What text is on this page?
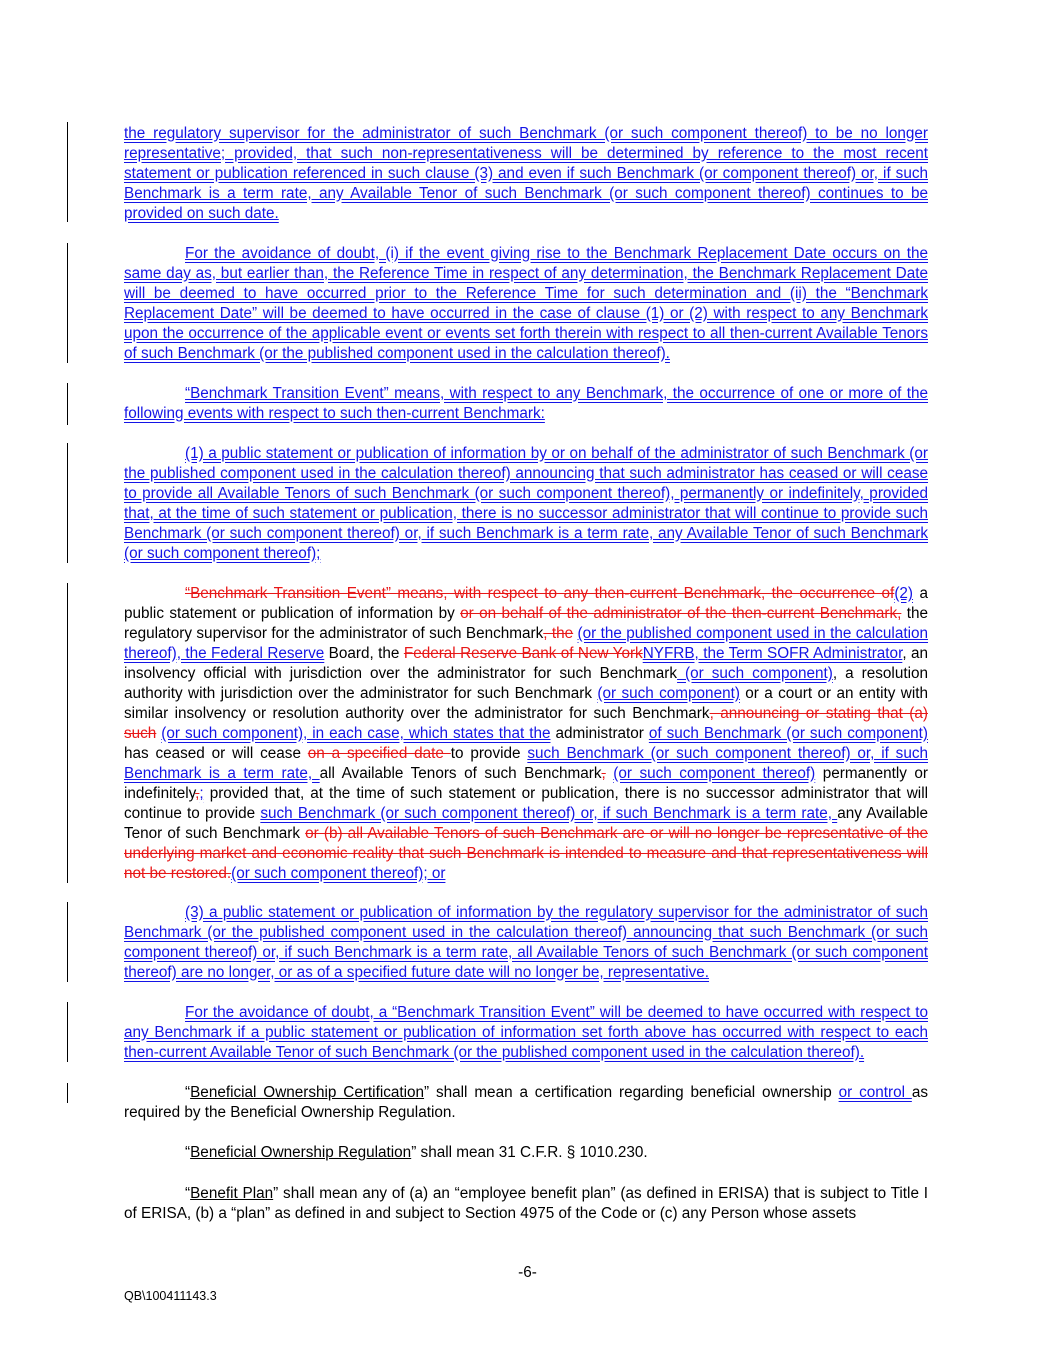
the regulatory supervisor for the administrator of such Benchmark (or such component thereof) to be no longer representative; provided, that such non-representativeness will be determined by reference to the most recent statement or publication referenced in such clause (3) and even if such Benchmark (or component thereof) or, if such Benchmark is a term rate, any Available Tenor of such Benchmark (or such component thereof) continues to be provided on such date.
For the avoidance of doubt, (i) if the event giving rise to the Benchmark Replacement Date occurs on the same day as, but earlier than, the Reference Time in respect of any determination, the Benchmark Replacement Date will be deemed to have occurred prior to the Reference Time for such determination and (ii) the “Benchmark Replacement Date” will be deemed to have occurred in the case of clause (1) or (2) with respect to any Benchmark upon the occurrence of the applicable event or events set forth therein with respect to all then-current Available Tenors of such Benchmark (or the published component used in the calculation thereof).
“Benchmark Transition Event” means, with respect to any Benchmark, the occurrence of one or more of the following events with respect to such then-current Benchmark:
(1) a public statement or publication of information by or on behalf of the administrator of such Benchmark (or the published component used in the calculation thereof) announcing that such administrator has ceased or will cease to provide all Available Tenors of such Benchmark (or such component thereof), permanently or indefinitely, provided that, at the time of such statement or publication, there is no successor administrator that will continue to provide such Benchmark (or such component thereof) or, if such Benchmark is a term rate, any Available Tenor of such Benchmark (or such component thereof);
“Benchmark Transition Event” means, with respect to any then-current Benchmark, the occurrence of(2) a public statement or publication of information by or on behalf of the administrator of the then-current Benchmark, the regulatory supervisor for the administrator of such Benchmark, the (or the published component used in the calculation thereof), the Federal Reserve Board, the Federal Reserve Bank of New YorkNYFRB, the Term SOFR Administrator, an insolvency official with jurisdiction over the administrator for such Benchmark (or such component), a resolution authority with jurisdiction over the administrator for such Benchmark (or such component) or a court or an entity with similar insolvency or resolution authority over the administrator for such Benchmark, announcing or stating that (a) such (or such component), in each case, which states that the administrator of such Benchmark (or such component) has ceased or will cease on a specified date to provide such Benchmark (or such component thereof) or, if such Benchmark is a term rate, all Available Tenors of such Benchmark, (or such component thereof) permanently or indefinitely,; provided that, at the time of such statement or publication, there is no successor administrator that will continue to provide such Benchmark (or such component thereof) or, if such Benchmark is a term rate, any Available Tenor of such Benchmark or (b) all Available Tenors of such Benchmark are or will no longer be representative of the underlying market and economic reality that such Benchmark is intended to measure and that representativeness will not be restored.(or such component thereof); or
(3) a public statement or publication of information by the regulatory supervisor for the administrator of such Benchmark (or the published component used in the calculation thereof) announcing that such Benchmark (or such component thereof) or, if such Benchmark is a term rate, all Available Tenors of such Benchmark (or such component thereof) are no longer, or as of a specified future date will no longer be, representative.
For the avoidance of doubt, a “Benchmark Transition Event” will be deemed to have occurred with respect to any Benchmark if a public statement or publication of information set forth above has occurred with respect to each then-current Available Tenor of such Benchmark (or the published component used in the calculation thereof).
“Beneficial Ownership Certification” shall mean a certification regarding beneficial ownership or control as required by the Beneficial Ownership Regulation.
“Beneficial Ownership Regulation” shall mean 31 C.F.R. § 1010.230.
“Benefit Plan” shall mean any of (a) an “employee benefit plan” (as defined in ERISA) that is subject to Title I of ERISA, (b) a “plan” as defined in and subject to Section 4975 of the Code or (c) any Person whose assets
-6-
QB\100411143.3
